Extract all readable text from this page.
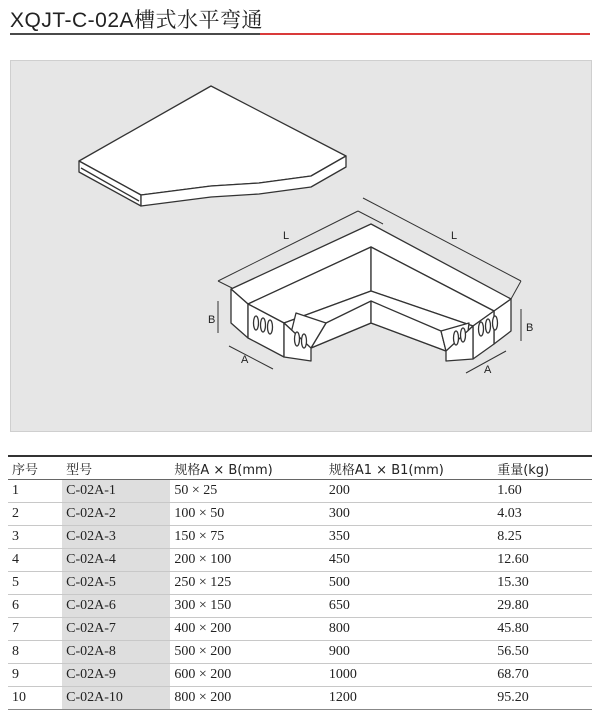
XQJT-C-02A槽式水平弯通
L	L
B
B
A
A
序号	型号	规格A × B(mm)	规格A1 × B1(mm)	重量(kg)
1	C-02A-1	50 × 25	200	1.60
2	C-02A-2	100 × 50	300	4.03
3	C-02A-3	150 × 75	350	8.25
4	C-02A-4	200 × 100	450	12.60
5	C-02A-5	250 × 125	500	15.30
6	C-02A-6	300 × 150	650	29.80
7	C-02A-7	400 × 200	800	45.80
8	C-02A-8	500 × 200	900	56.50
9	C-02A-9	600 × 200	1000	68.70
10	C-02A-10	800 × 200	1200	95.20
